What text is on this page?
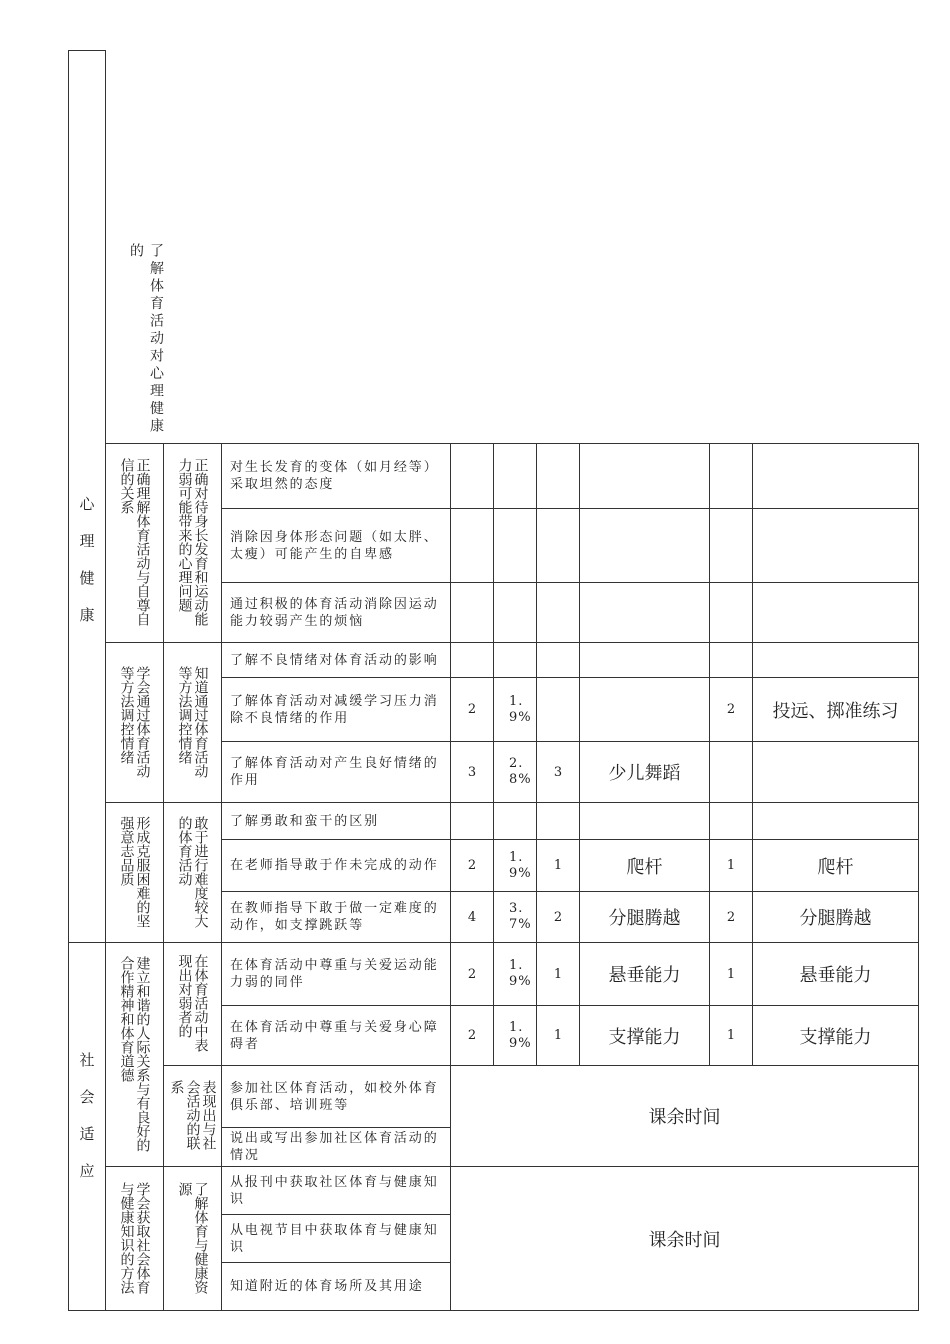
心理健康	了解体育活动对心理健康的								

	正确理解体育活动与自尊自信的关系	正确对待身长发育和运动能力弱可能带来的心理问题	对生长发育的变体（如月经等）采取坦然的态度						
			消除因身体形态问题（如太胖、太瘦）可能产生的自卑感						
			通过积极的体育活动消除因运动能力较弱产生的烦恼						

	学会通过体育活动等方法调控情绪	知道通过体育活动等方法调控情绪	了解不良情绪对体育活动的影响						
			了解体育活动对减缓学习压力消除不良情绪的作用	2	1.9%			2	投远、掷准练习
			了解体育活动对产生良好情绪的作用	3	2.8%	3	少儿舞蹈		

	形成克服困难的坚强意志品质	敢于进行难度较大的体育活动	了解勇敢和蛮干的区别						
			在老师指导敢于作未完成的动作	2	1.9%	1	爬杆	1	爬杆
			在教师指导下敢于做一定难度的动作，如支撑跳跃等	4	3.7%	2	分腿腾越	2	分腿腾越

社会适应	建立和谐的人际关系与有良好的合作精神和体育道德	在体育活动中表现出对弱者的	在体育活动中尊重与关爱运动能力弱的同伴	2	1.9%	1	悬垂能力	1	悬垂能力
			在体育活动中尊重与关爱身心障碍者	2	1.9%	1	支撑能力	1	支撑能力

		表现出与社会活动的联系	参加社区体育活动，如校外体育俱乐部、培训班等	课余时间					
			说出或写出参加社区体育活动的情况						

	学会获取社会体育与健康知识的方法	了解体育与健康资源	从报刊中获取社区体育与健康知识	课余时间					
			从电视节目中获取体育与健康知识						
			知道附近的体育场所及其用途						
